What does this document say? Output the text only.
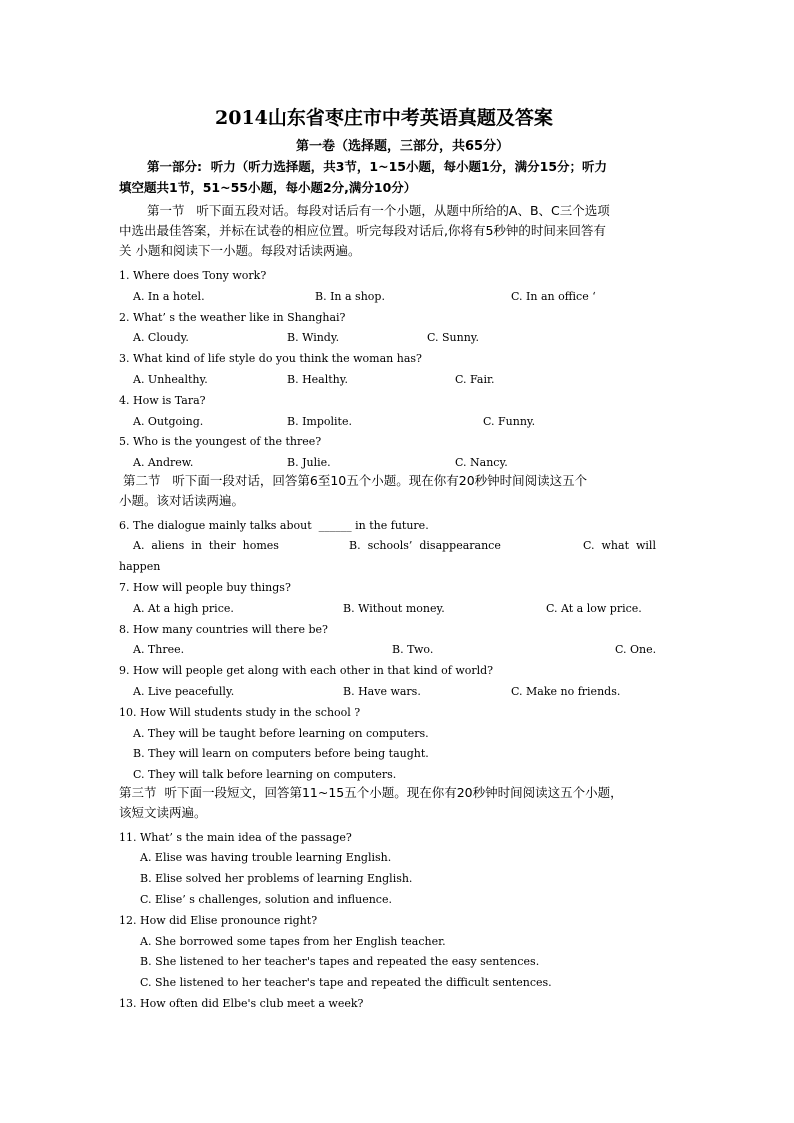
2014山东省枣庄市中考英语真题及答案
第一卷（选择题，三部分，共65分）
第一部分:  听力（听力选择题，共3节，1~15小题，每小题1分，满分15分；听力
填空题共1节，51~55小题，每小题2分,满分10分）
第一节   听下面五段对话。每段对话后有一个小题，从题中所给的A、B、C三个选项
中选出最佳答案，并标在试卷的相应位置。听完每段对话后,你将有5秒钟的时间来回答有
关 小题和阅读下一小题。每段对话读两遍。
1. Where does Tony work?
A. In a hotel.	B. In a shop.	C. In an office ‘
2. What’ s the weather like in Shanghai?
A. Cloudy.	B. Windy.	C. Sunny.
3. What kind of life style do you think the woman has?
A. Unhealthy.	B. Healthy.	C. Fair.
4. How is Tara?
A. Outgoing.	B. Impolite.	C. Funny.
5. Who is the youngest of the three?
A. Andrew.	B. Julie.	C. Nancy.
第二节   听下面一段对话，回答第6至10五个小题。现在你有20秒钟时间阅读这五个
小题。该对话读两遍。
6. The dialogue mainly talks about  ______ in the future.
A.  aliens  in  their  homes	B.  schools’  disappearance	C.  what  will
happen
7. How will people buy things?
A. At a high price.	B. Without money.	C. At a low price.
8. How many countries will there be?
A. Three.	B. Two.	C. One.
9. How will people get along with each other in that kind of world?
A. Live peacefully.	B. Have wars.	C. Make no friends.
10. How Will students study in the school ?
A. They will be taught before learning on computers.
B. They will learn on computers before being taught.
C. They will talk before learning on computers.
第三节  听下面一段短文，回答第11~15五个小题。现在你有20秒钟时间阅读这五个小题，
该短文读两遍。
11. What’ s the main idea of the passage?
A. Elise was having trouble learning English.
B. Elise solved her problems of learning English.
C. Elise’ s challenges, solution and influence.
12. How did Elise pronounce right?
A. She borrowed some tapes from her English teacher.
B. She listened to her teacher's tapes and repeated the easy sentences.
C. She listened to her teacher's tape and repeated the difficult sentences.
13. How often did Elbe's club meet a week?
